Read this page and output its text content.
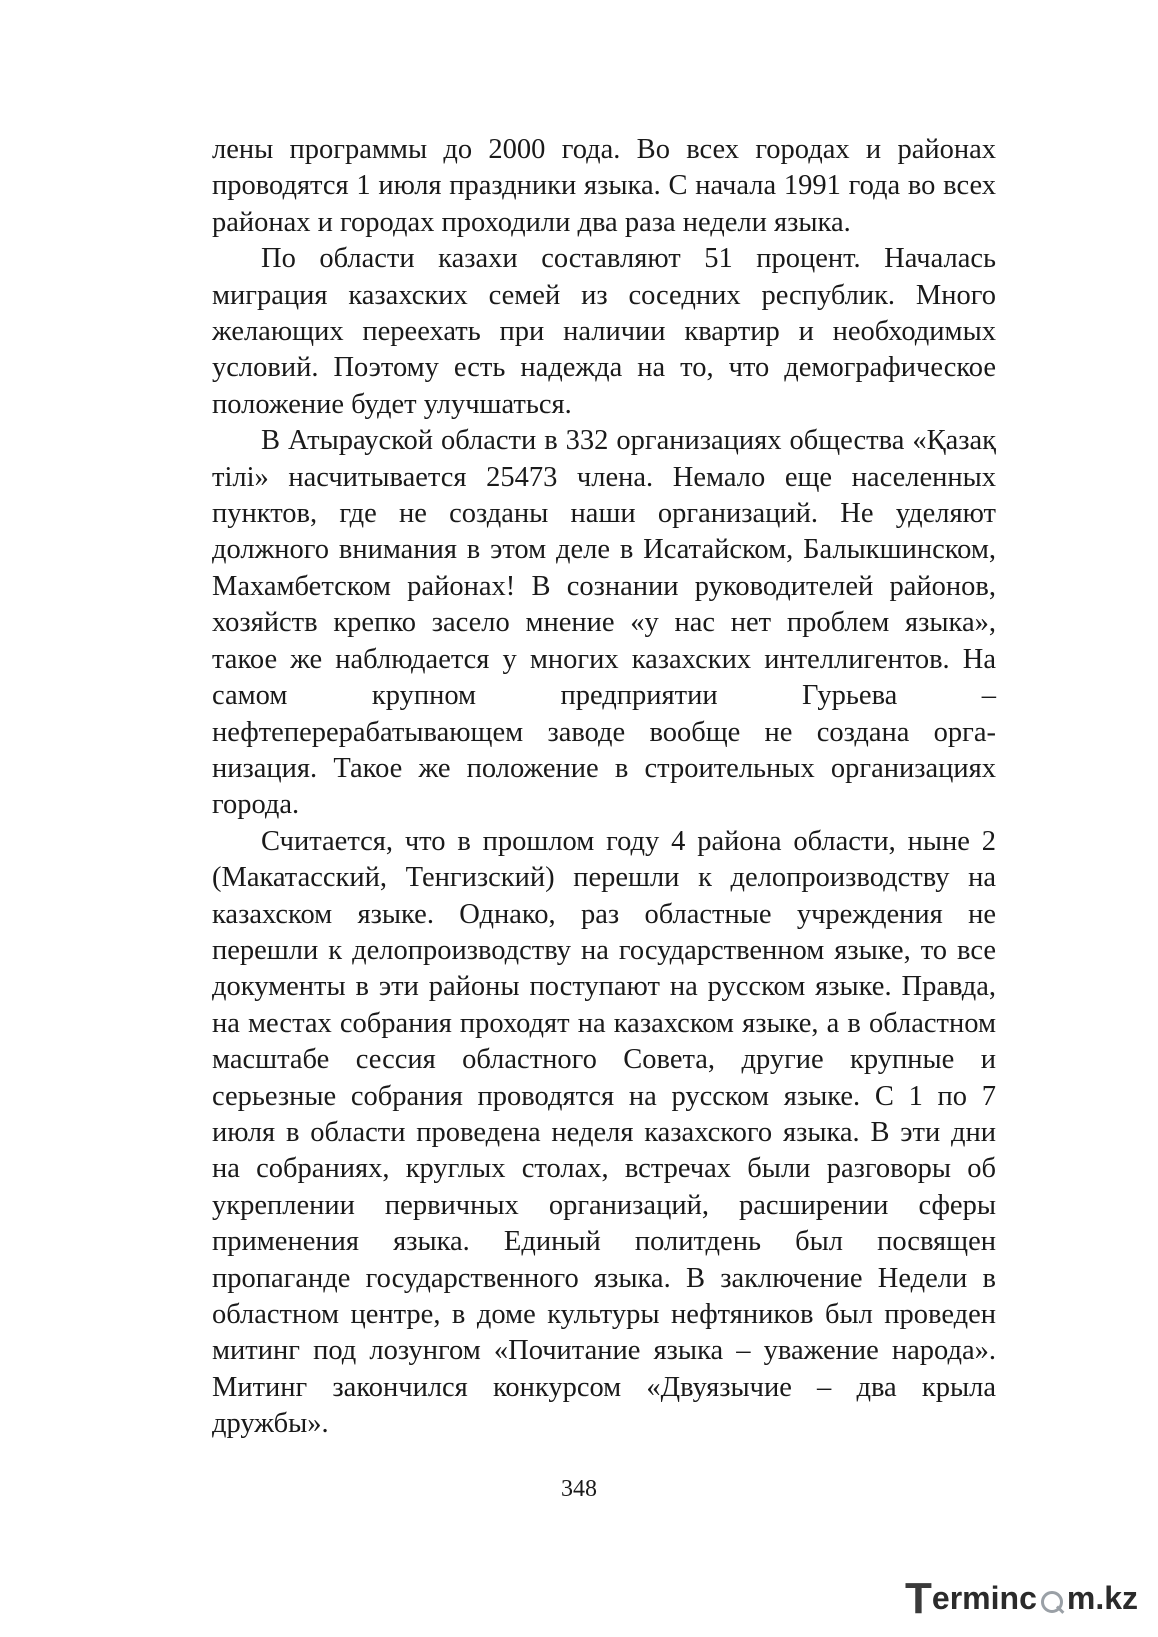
лены программы до 2000 года. Во всех городах и районах проводятся 1 июля праздники языка. С начала 1991 года во всех районах и городах проходили два раза недели языка.

По области казахи составляют 51 процент. Началась миграция казахских семей из соседних республик. Много желающих переехать при наличии квартир и необходимых условий. Поэтому есть надежда на то, что демографическое положение будет улучшаться.

В Атырауской области в 332 организациях общества «Қазақ тілі» насчитывается 25473 члена. Немало еще населенных пунктов, где не созданы наши организаций. Не уделяют должного внимания в этом деле в Исатайском, Балыкшинском, Махамбетском районах! В сознании руководителей районов, хозяйств крепко засело мнение «у нас нет проблем языка», такое же наблюдается у многих казахских интеллигентов. На самом крупном предприятии Гурьева – нефтеперерабатывающем заводе вообще не создана организация. Такое же положение в строительных организациях города.

Считается, что в прошлом году 4 района области, ныне 2 (Макатасский, Тенгизский) перешли к делопроизводству на казахском языке. Однако, раз областные учреждения не перешли к делопроизводству на государственном языке, то все документы в эти районы поступают на русском языке. Правда, на местах собрания проходят на казахском языке, а в областном масштабе сессия областного Совета, другие крупные и серьезные собрания проводятся на русском языке. С 1 по 7 июля в области проведена неделя казахского языка. В эти дни на собраниях, круглых столах, встречах были разговоры об укреплении первичных организаций, расширении сферы применения языка. Единый политдень был посвящен пропаганде государственного языка. В заключение Недели в областном центре, в доме культуры нефтяников был проведен митинг под лозунгом «Почитание языка – уважение народа». Митинг закончился конкурсом «Двуязычие – два крыла дружбы».

348
Terminc m.kz
